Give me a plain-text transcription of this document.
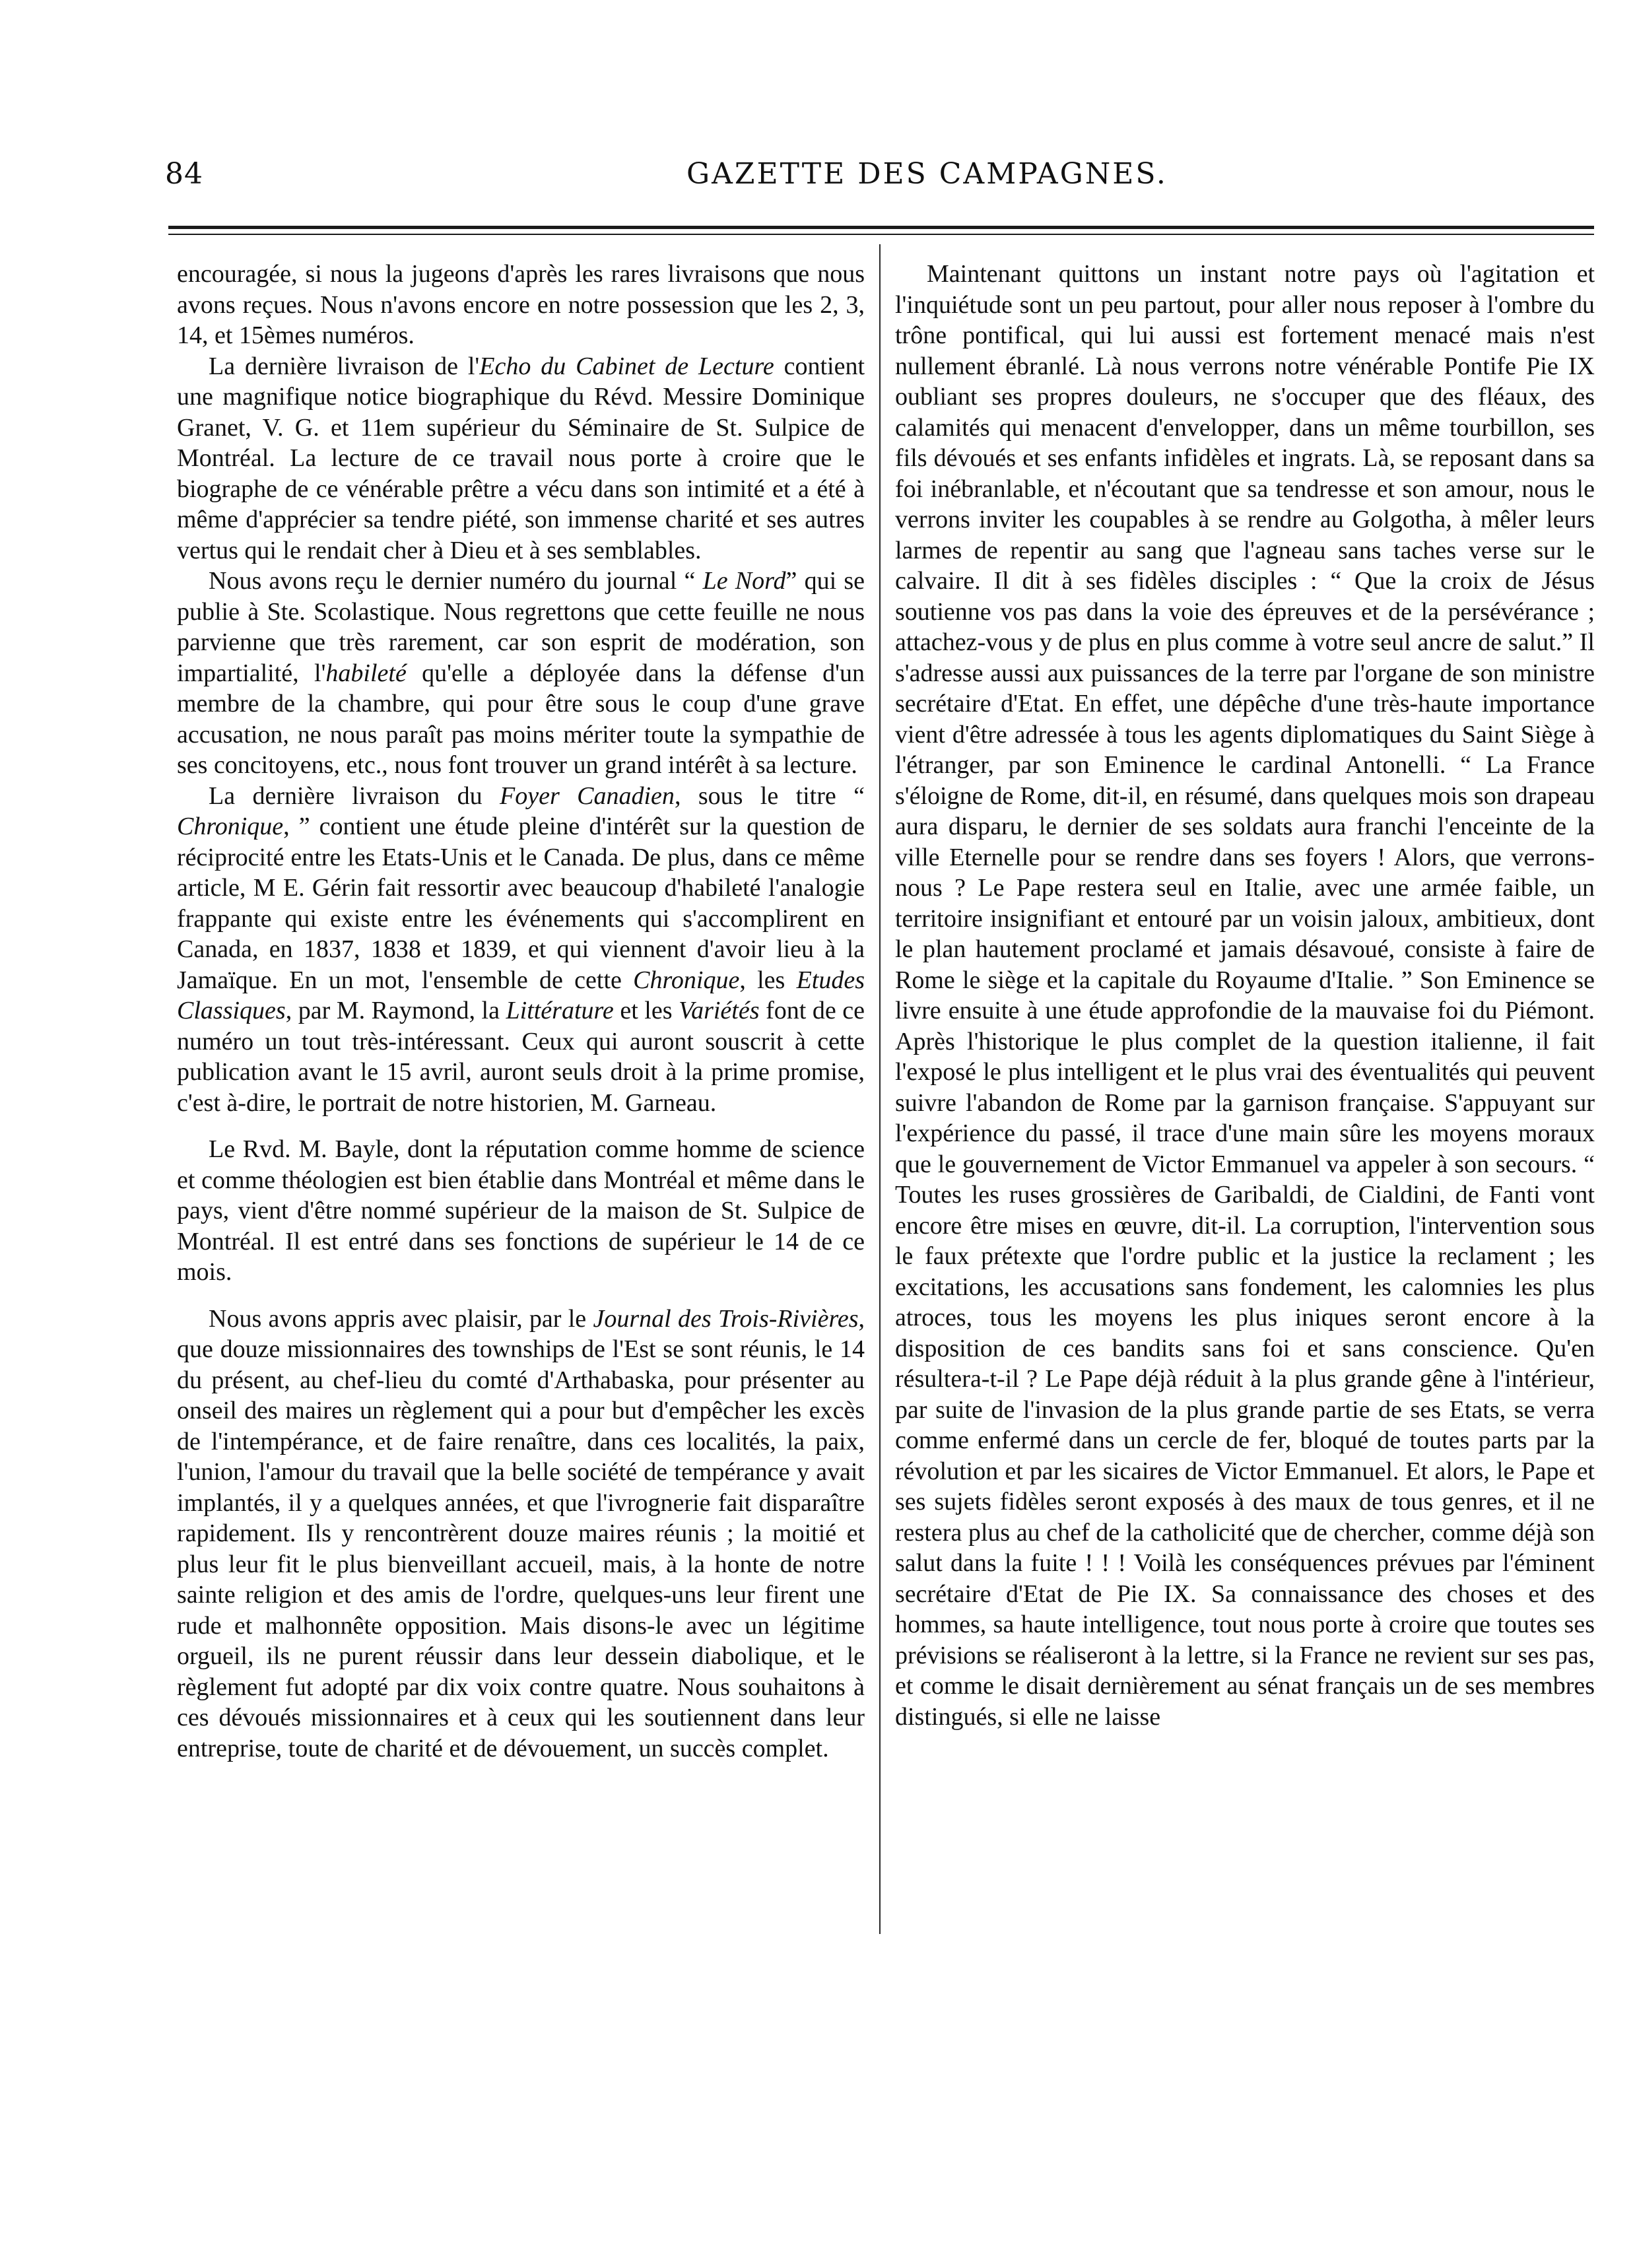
84	GAZETTE DES CAMPAGNES.

encouragée, si nous la jugeons d'après les rares livraisons que nous avons reçues. Nous n'avons encore en notre possession que les 2, 3, 14, et 15èmes numéros.

La dernière livraison de l'Echo du Cabinet de Lecture contient une magnifique notice biographique du Révd. Messire Dominique Granet, V. G. et 11em supérieur du Séminaire de St. Sulpice de Montréal. La lecture de ce travail nous porte à croire que le biographe de ce vénérable prêtre a vécu dans son intimité et a été à même d'apprécier sa tendre piété, son immense charité et ses autres vertus qui le rendait cher à Dieu et à ses semblables.

Nous avons reçu le dernier numéro du journal “ Le Nord” qui se publie à Ste. Scolastique. Nous regrettons que cette feuille ne nous parvienne que très rarement, car son esprit de modération, son impartialité, l'habileté qu'elle a déployée dans la défense d'un membre de la chambre, qui pour être sous le coup d'une grave accusation, ne nous paraît pas moins mériter toute la sympathie de ses concitoyens, etc., nous font trouver un grand intérêt à sa lecture.

La dernière livraison du Foyer Canadien, sous le titre “ Chronique, ” contient une étude pleine d'intérêt sur la question de réciprocité entre les Etats-Unis et le Canada. De plus, dans ce même article, M E. Gérin fait ressortir avec beaucoup d'habileté l'analogie frappante qui existe entre les événements qui s'accomplirent en Canada, en 1837, 1838 et 1839, et qui viennent d'avoir lieu à la Jamaïque. En un mot, l'ensemble de cette Chronique, les Etudes Classiques, par M. Raymond, la Littérature et les Variétés font de ce numéro un tout très-intéressant. Ceux qui auront souscrit à cette publication avant le 15 avril, auront seuls droit à la prime promise, c'est à-dire, le portrait de notre historien, M. Garneau.

Le Rvd. M. Bayle, dont la réputation comme homme de science et comme théologien est bien établie dans Montréal et même dans le pays, vient d'être nommé supérieur de la maison de St. Sulpice de Montréal. Il est entré dans ses fonctions de supérieur le 14 de ce mois.

Nous avons appris avec plaisir, par le Journal des Trois-Rivières, que douze missionnaires des townships de l'Est se sont réunis, le 14 du présent, au chef-lieu du comté d'Arthabaska, pour présenter au onseil des maires un règlement qui a pour but d'empêcher les excès de l'intempérance, et de faire renaître, dans ces localités, la paix, l'union, l'amour du travail que la belle société de tempérance y avait implantés, il y a quelques années, et que l'ivrognerie fait disparaître rapidement. Ils y rencontrèrent douze maires réunis ; la moitié et plus leur fit le plus bienveillant accueil, mais, à la honte de notre sainte religion et des amis de l'ordre, quelques-uns leur firent une rude et malhonnête opposition. Mais disons-le avec un légitime orgueil, ils ne purent réussir dans leur dessein diabolique, et le règlement fut adopté par dix voix contre quatre. Nous souhaitons à ces dévoués missionnaires et à ceux qui les soutiennent dans leur entreprise, toute de charité et de dévouement, un succès complet.

Maintenant quittons un instant notre pays où l'agitation et l'inquiétude sont un peu partout, pour aller nous reposer à l'ombre du trône pontifical, qui lui aussi est fortement menacé mais n'est nullement ébranlé. Là nous verrons notre vénérable Pontife Pie IX oubliant ses propres douleurs, ne s'occuper que des fléaux, des calamités qui menacent d'envelopper, dans un même tourbillon, ses fils dévoués et ses enfants infidèles et ingrats. Là, se reposant dans sa foi inébranlable, et n'écoutant que sa tendresse et son amour, nous le verrons inviter les coupables à se rendre au Golgotha, à mêler leurs larmes de repentir au sang que l'agneau sans taches verse sur le calvaire. Il dit à ses fidèles disciples : “ Que la croix de Jésus soutienne vos pas dans la voie des épreuves et de la persévérance ; attachez-vous y de plus en plus comme à votre seul ancre de salut.” Il s'adresse aussi aux puissances de la terre par l'organe de son ministre secrétaire d'Etat. En effet, une dépêche d'une très-haute importance vient d'être adressée à tous les agents diplomatiques du Saint Siège à l'étranger, par son Eminence le cardinal Antonelli. “ La France s'éloigne de Rome, dit-il, en résumé, dans quelques mois son drapeau aura disparu, le dernier de ses soldats aura franchi l'enceinte de la ville Eternelle pour se rendre dans ses foyers ! Alors, que verrons-nous ? Le Pape restera seul en Italie, avec une armée faible, un territoire insignifiant et entouré par un voisin jaloux, ambitieux, dont le plan hautement proclamé et jamais désavoué, consiste à faire de Rome le siège et la capitale du Royaume d'Italie. ” Son Eminence se livre ensuite à une étude approfondie de la mauvaise foi du Piémont. Après l'historique le plus complet de la question italienne, il fait l'exposé le plus intelligent et le plus vrai des éventualités qui peuvent suivre l'abandon de Rome par la garnison française. S'appuyant sur l'expérience du passé, il trace d'une main sûre les moyens moraux que le gouvernement de Victor Emmanuel va appeler à son secours. “ Toutes les ruses grossières de Garibaldi, de Cialdini, de Fanti vont encore être mises en œuvre, dit-il. La corruption, l'intervention sous le faux prétexte que l'ordre public et la justice la reclament ; les excitations, les accusations sans fondement, les calomnies les plus atroces, tous les moyens les plus iniques seront encore à la disposition de ces bandits sans foi et sans conscience. Qu'en résultera-t-il ? Le Pape déjà réduit à la plus grande gêne à l'intérieur, par suite de l'invasion de la plus grande partie de ses Etats, se verra comme enfermé dans un cercle de fer, bloqué de toutes parts par la révolution et par les sicaires de Victor Emmanuel. Et alors, le Pape et ses sujets fidèles seront exposés à des maux de tous genres, et il ne restera plus au chef de la catholicité que de chercher, comme déjà son salut dans la fuite ! ! ! Voilà les conséquences prévues par l'éminent secrétaire d'Etat de Pie IX. Sa connaissance des choses et des hommes, sa haute intelligence, tout nous porte à croire que toutes ses prévisions se réaliseront à la lettre, si la France ne revient sur ses pas, et comme le disait dernièrement au sénat français un de ses membres distingués, si elle ne laisse
